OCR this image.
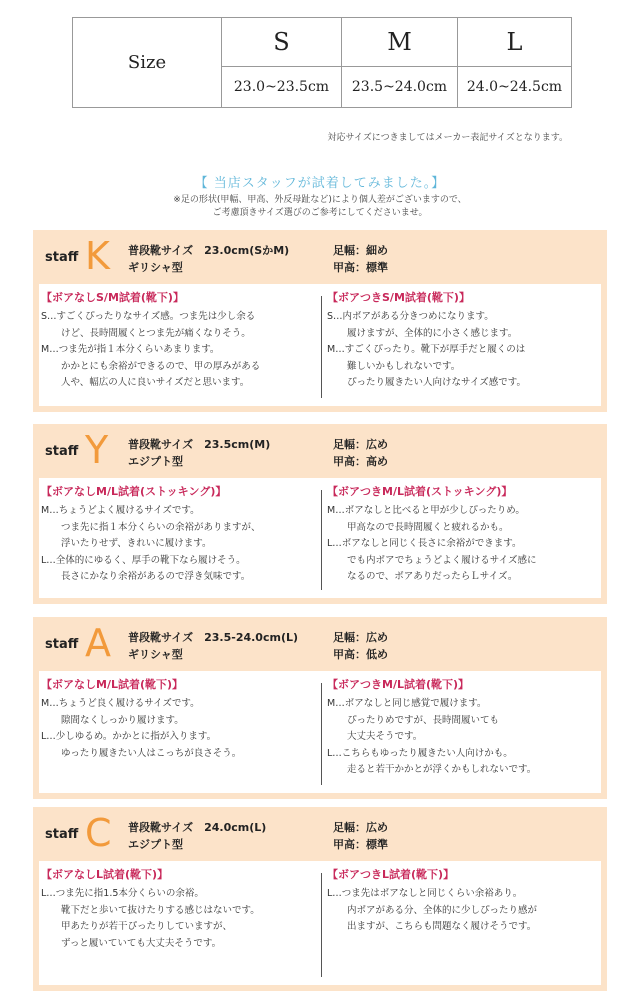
Size	S	M	L
	23.0~23.5cm	23.5~24.0cm	24.0~24.5cm
対応サイズにつきましてはメーカー表記サイズとなります。
【 当店スタッフが試着してみました。】
※足の形状(甲幅、甲高、外反母趾など)により個人差がございますので、
ご考慮頂きサイズ選びのご参考にしてくださいませ。
staff K 普段靴サイズ　23.0cm(SかM)
ギリシャ型
足幅：細め
甲高：標準
【ボアなしS/M試着(靴下)】
S…すごくぴったりなサイズ感。つま先は少し余る
けど、長時間履くとつま先が痛くなりそう。
M…つま先が指１本分くらいあまります。
かかとにも余裕ができるので、甲の厚みがある
人や、幅広の人に良いサイズだと思います。
【ボアつきS/M試着(靴下)】
S…内ボアがある分きつめになります。
履けますが、全体的に小さく感じます。
M…すごくぴったり。靴下が厚手だと履くのは
難しいかもしれないです。
ぴったり履きたい人向けなサイズ感です。
staff Y 普段靴サイズ　23.5cm(M)
エジプト型
足幅：広め
甲高：高め
【ボアなしM/L試着(ストッキング)】
M…ちょうどよく履けるサイズです。
つま先に指１本分くらいの余裕がありますが、
浮いたりせず、きれいに履けます。
L…全体的にゆるく、厚手の靴下なら履けそう。
長さにかなり余裕があるので浮き気味です。
【ボアつきM/L試着(ストッキング)】
M…ボアなしと比べると甲が少しぴったりめ。
甲高なので長時間履くと疲れるかも。
L…ボアなしと同じく長さに余裕ができます。
でも内ボアでちょうどよく履けるサイズ感に
なるので、ボアありだったらＬサイズ。
staff A 普段靴サイズ　23.5-24.0cm(L)
ギリシャ型
足幅：広め
甲高：低め
【ボアなしM/L試着(靴下)】
M…ちょうど良く履けるサイズです。
隙間なくしっかり履けます。
L…少しゆるめ。かかとに指が入ります。
ゆったり履きたい人はこっちが良さそう。
【ボアつきM/L試着(靴下)】
M…ボアなしと同じ感覚で履けます。
ぴったりめですが、長時間履いても
大丈夫そうです。
L…こちらもゆったり履きたい人向けかも。
走ると若干かかとが浮くかもしれないです。
staff C 普段靴サイズ　24.0cm(L)
エジプト型
足幅：広め
甲高：標準
【ボアなしL試着(靴下)】
L…つま先に指1.5本分くらいの余裕。
靴下だと歩いて抜けたりする感じはないです。
甲あたりが若干ぴったりしていますが、
ずっと履いていても大丈夫そうです。
【ボアつきL試着(靴下)】
L…つま先はボアなしと同じくらい余裕あり。
内ボアがある分、全体的に少しぴったり感が
出ますが、こちらも問題なく履けそうです。
